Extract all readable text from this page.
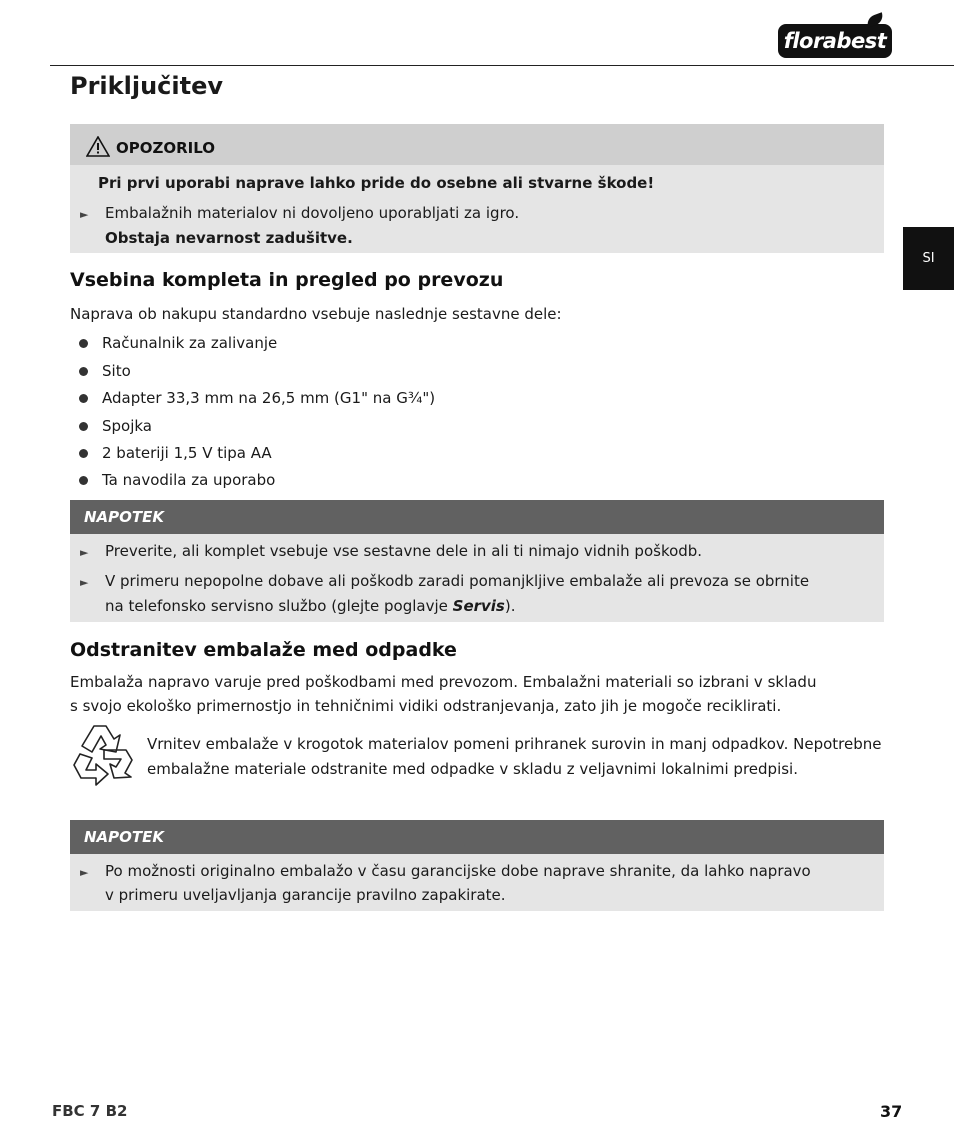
florabest
Priključitev
SI
OPOZORILO
Pri prvi uporabi naprave lahko pride do osebne ali stvarne škode!
► Embalažnih materialov ni dovoljeno uporabljati za igro.
Obstaja nevarnost zadušitve.
Vsebina kompleta in pregled po prevozu
Naprava ob nakupu standardno vsebuje naslednje sestavne dele:
Računalnik za zalivanje
Sito
Adapter 33,3 mm na 26,5 mm (G1" na G¾")
Spojka
2 bateriji 1,5 V tipa AA
Ta navodila za uporabo
NAPOTEK
► Preverite, ali komplet vsebuje vse sestavne dele in ali ti nimajo vidnih poškodb.
► V primeru nepopolne dobave ali poškodb zaradi pomanjkljive embalaže ali prevoza se obrnite
na telefonsko servisno službo (glejte poglavje Servis).
Odstranitev embalaže med odpadke
Embalaža napravo varuje pred poškodbami med prevozom. Embalažni materiali so izbrani v skladu
s svojo ekološko primernostjo in tehničnimi vidiki odstranjevanja, zato jih je mogoče reciklirati.
Vrnitev embalaže v krogotok materialov pomeni prihranek surovin in manj odpadkov. Nepotrebne
embalažne materiale odstranite med odpadke v skladu z veljavnimi lokalnimi predpisi.
NAPOTEK
► Po možnosti originalno embalažo v času garancijske dobe naprave shranite, da lahko napravo
v primeru uveljavljanja garancije pravilno zapakirate.
FBC 7 B2	37
